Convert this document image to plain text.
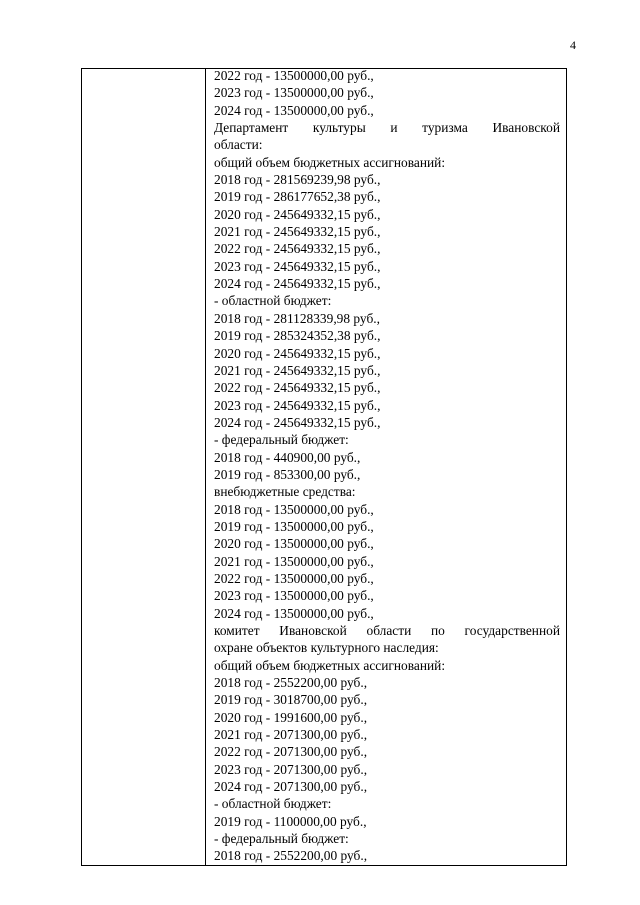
4
2022 год - 13500000,00 руб.,
2023 год - 13500000,00 руб.,
2024 год - 13500000,00 руб.,
Департамент культуры и туризма Ивановской
области:
общий объем бюджетных ассигнований:
2018 год - 281569239,98 руб.,
2019 год - 286177652,38 руб.,
2020 год - 245649332,15 руб.,
2021 год - 245649332,15 руб.,
2022 год - 245649332,15 руб.,
2023 год - 245649332,15 руб.,
2024 год - 245649332,15 руб.,
- областной бюджет:
2018 год - 281128339,98 руб.,
2019 год - 285324352,38 руб.,
2020 год - 245649332,15 руб.,
2021 год - 245649332,15 руб.,
2022 год - 245649332,15 руб.,
2023 год - 245649332,15 руб.,
2024 год - 245649332,15 руб.,
- федеральный бюджет:
2018 год - 440900,00 руб.,
2019 год - 853300,00 руб.,
внебюджетные средства:
2018 год - 13500000,00 руб.,
2019 год - 13500000,00 руб.,
2020 год - 13500000,00 руб.,
2021 год - 13500000,00 руб.,
2022 год - 13500000,00 руб.,
2023 год - 13500000,00 руб.,
2024 год - 13500000,00 руб.,
комитет Ивановской области по государственной
охране объектов культурного наследия:
общий объем бюджетных ассигнований:
2018 год - 2552200,00 руб.,
2019 год - 3018700,00 руб.,
2020 год - 1991600,00 руб.,
2021 год - 2071300,00 руб.,
2022 год - 2071300,00 руб.,
2023 год - 2071300,00 руб.,
2024 год - 2071300,00 руб.,
- областной бюджет:
2019 год - 1100000,00 руб.,
- федеральный бюджет:
2018 год - 2552200,00 руб.,
